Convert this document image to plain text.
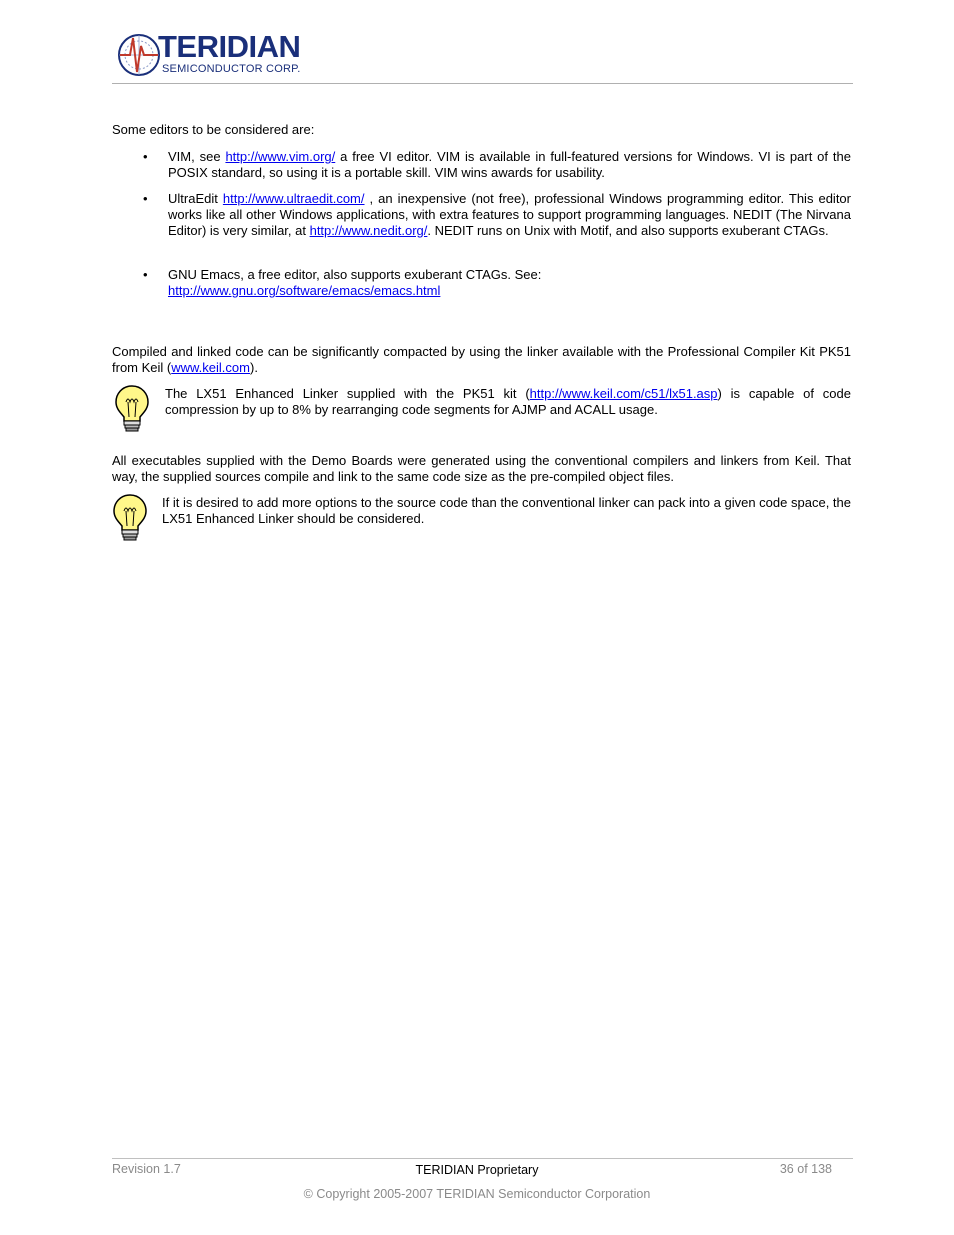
TERIDIAN
SEMICONDUCTOR CORP.
Some editors to be considered are:
• VIM, see http://www.vim.org/ a free VI editor. VIM is available in full-featured versions for Windows. VI is part of the POSIX standard, so using it is a portable skill. VIM wins awards for usability.
• UltraEdit http://www.ultraedit.com/ , an inexpensive (not free), professional Windows programming editor. This editor works like all other Windows applications, with extra features to support programming languages. NEDIT (The Nirvana Editor) is very similar, at http://www.nedit.org/. NEDIT runs on Unix with Motif, and also supports exuberant CTAGs.
• GNU Emacs, a free editor, also supports exuberant CTAGs. See:
http://www.gnu.org/software/emacs/emacs.html
Compiled and linked code can be significantly compacted by using the linker available with the Professional Compiler Kit PK51 from Keil (www.keil.com).
The LX51 Enhanced Linker supplied with the PK51 kit (http://www.keil.com/c51/lx51.asp) is capable of code compression by up to 8% by rearranging code segments for AJMP and ACALL usage.
All executables supplied with the Demo Boards were generated using the conventional compilers and linkers from Keil. That way, the supplied sources compile and link to the same code size as the pre-compiled object files.
If it is desired to add more options to the source code than the conventional linker can pack into a given code space, the LX51 Enhanced Linker should be considered.
Revision 1.7	TERIDIAN Proprietary	36 of 138
© Copyright 2005-2007 TERIDIAN Semiconductor Corporation
